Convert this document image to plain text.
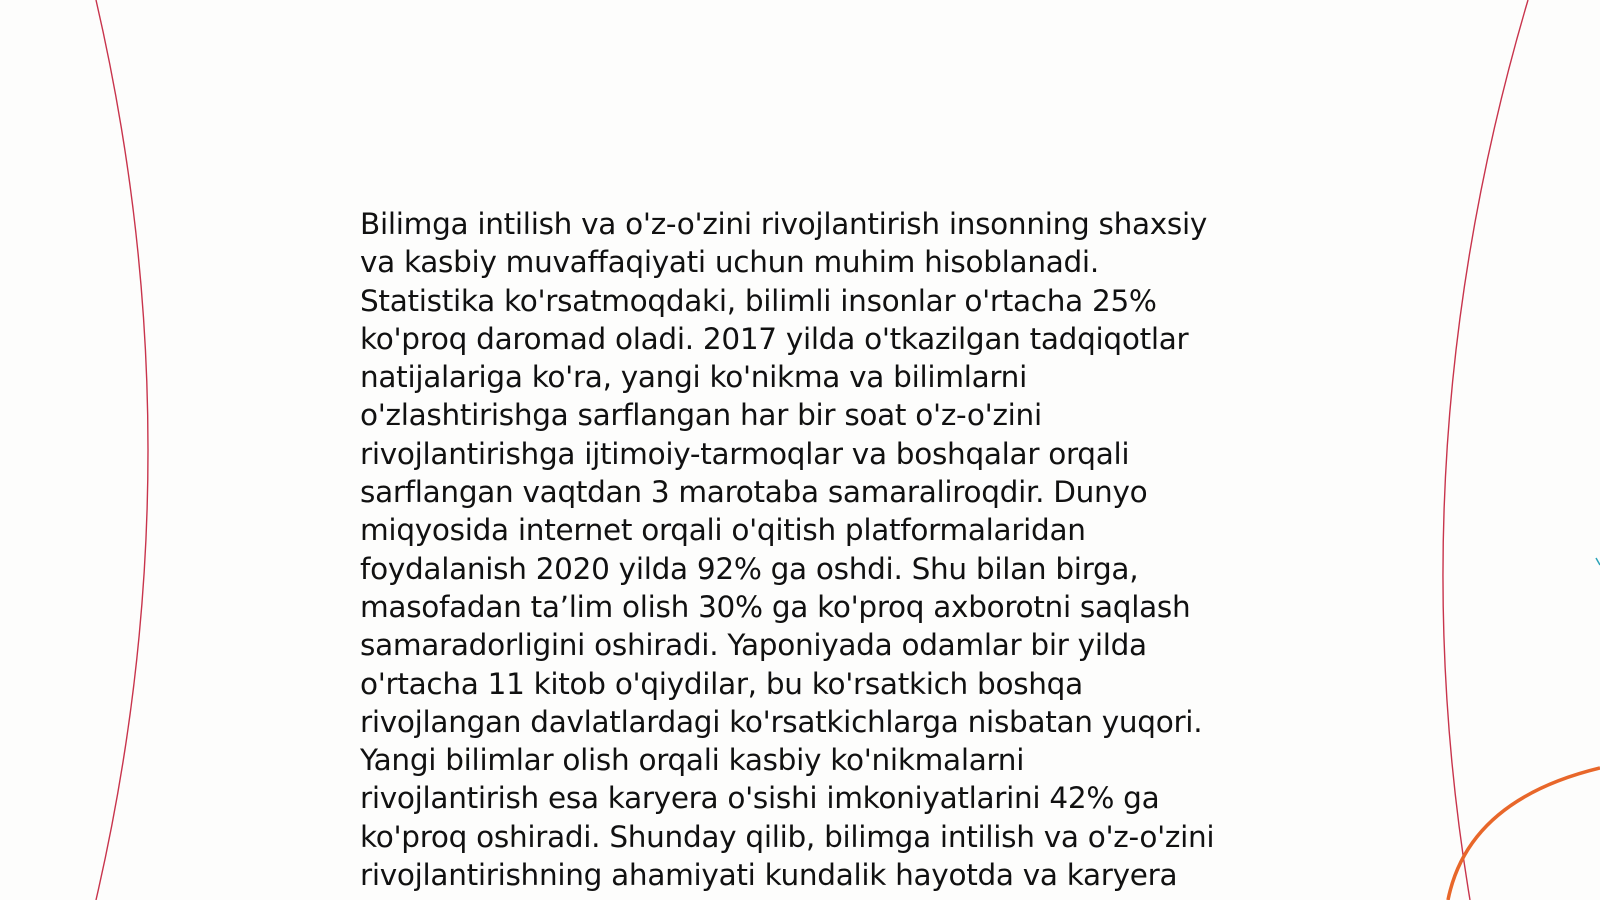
Bilimga intilish va o'z-o'zini rivojlantirish insonning shaxsiy
va kasbiy muvaffaqiyati uchun muhim hisoblanadi.
Statistika ko'rsatmoqdaki, bilimli insonlar o'rtacha 25%
ko'proq daromad oladi. 2017 yilda o'tkazilgan tadqiqotlar
natijalariga ko'ra, yangi ko'nikma va bilimlarni
o'zlashtirishga sarflangan har bir soat o'z-o'zini
rivojlantirishga ijtimoiy-tarmoqlar va boshqalar orqali
sarflangan vaqtdan 3 marotaba samaraliroqdir. Dunyo
miqyosida internet orqali o'qitish platformalaridan
foydalanish 2020 yilda 92% ga oshdi. Shu bilan birga,
masofadan ta’lim olish 30% ga ko'proq axborotni saqlash
samaradorligini oshiradi. Yaponiyada odamlar bir yilda
o'rtacha 11 kitob o'qiydilar, bu ko'rsatkich boshqa
rivojlangan davlatlardagi ko'rsatkichlarga nisbatan yuqori.
Yangi bilimlar olish orqali kasbiy ko'nikmalarni
rivojlantirish esa karyera o'sishi imkoniyatlarini 42% ga
ko'proq oshiradi. Shunday qilib, bilimga intilish va o'z-o'zini
rivojlantirishning ahamiyati kundalik hayotda va karyera
